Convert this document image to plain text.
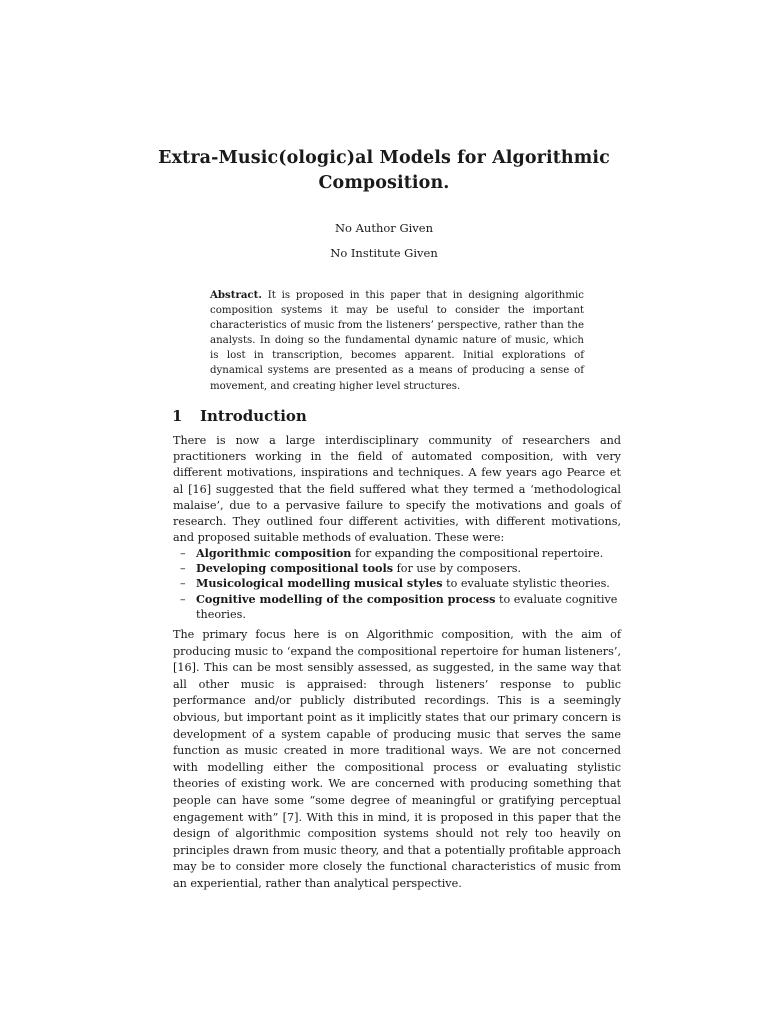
Extra-Music(ologic)al Models for Algorithmic Composition.
No Author Given
No Institute Given
Abstract. It is proposed in this paper that in designing algorithmic composition systems it may be useful to consider the important characteristics of music from the listeners’ perspective, rather than the analysts. In doing so the fundamental dynamic nature of music, which is lost in transcription, becomes apparent. Initial explorations of dynamical systems are presented as a means of producing a sense of movement, and creating higher level structures.
1 Introduction
There is now a large interdisciplinary community of researchers and practitioners working in the field of automated composition, with very different motivations, inspirations and techniques. A few years ago Pearce et al [16] suggested that the field suffered what they termed a ‘methodological malaise’, due to a pervasive failure to specify the motivations and goals of research. They outlined four different activities, with different motivations, and proposed suitable methods of evaluation. These were:
– Algorithmic composition for expanding the compositional repertoire.
– Developing compositional tools for use by composers.
– Musicological modelling musical styles to evaluate stylistic theories.
– Cognitive modelling of the composition process to evaluate cognitive theories.
The primary focus here is on Algorithmic composition, with the aim of producing music to ‘expand the compositional repertoire for human listeners’, [16]. This can be most sensibly assessed, as suggested, in the same way that all other music is appraised: through listeners’ response to public performance and/or publicly distributed recordings. This is a seemingly obvious, but important point as it implicitly states that our primary concern is development of a system capable of producing music that serves the same function as music created in more traditional ways. We are not concerned with modelling either the compositional process or evaluating stylistic theories of existing work. We are concerned with producing something that people can have some “some degree of meaningful or gratifying perceptual engagement with” [7]. With this in mind, it is proposed in this paper that the design of algorithmic composition systems should not rely too heavily on principles drawn from music theory, and that a potentially profitable approach may be to consider more closely the functional characteristics of music from an experiential, rather than analytical perspective.
